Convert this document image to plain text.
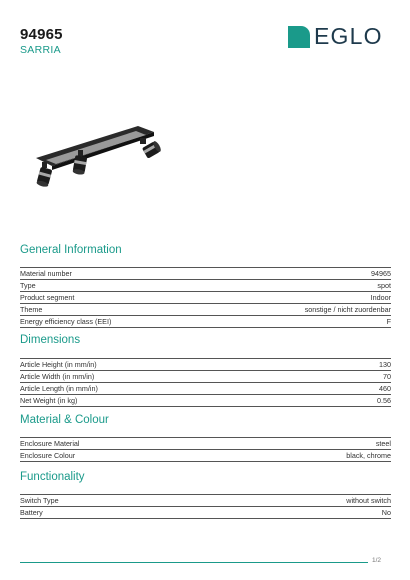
94965
SARRIA
EGLO
General Information
Material number	94965
Type	spot
Product segment	Indoor
Theme	sonstige / nicht zuordenbar
Energy efficiency class (EEI)	F
Dimensions
Article Height (in mm/in)	130
Article Width (in mm/in)	70
Article Length (in mm/in)	460
Net Weight (in kg)	0.56
Material & Colour
Enclosure Material	steel
Enclosure Colour	black, chrome
Functionality
Switch Type	without switch
Battery	No
1/2
